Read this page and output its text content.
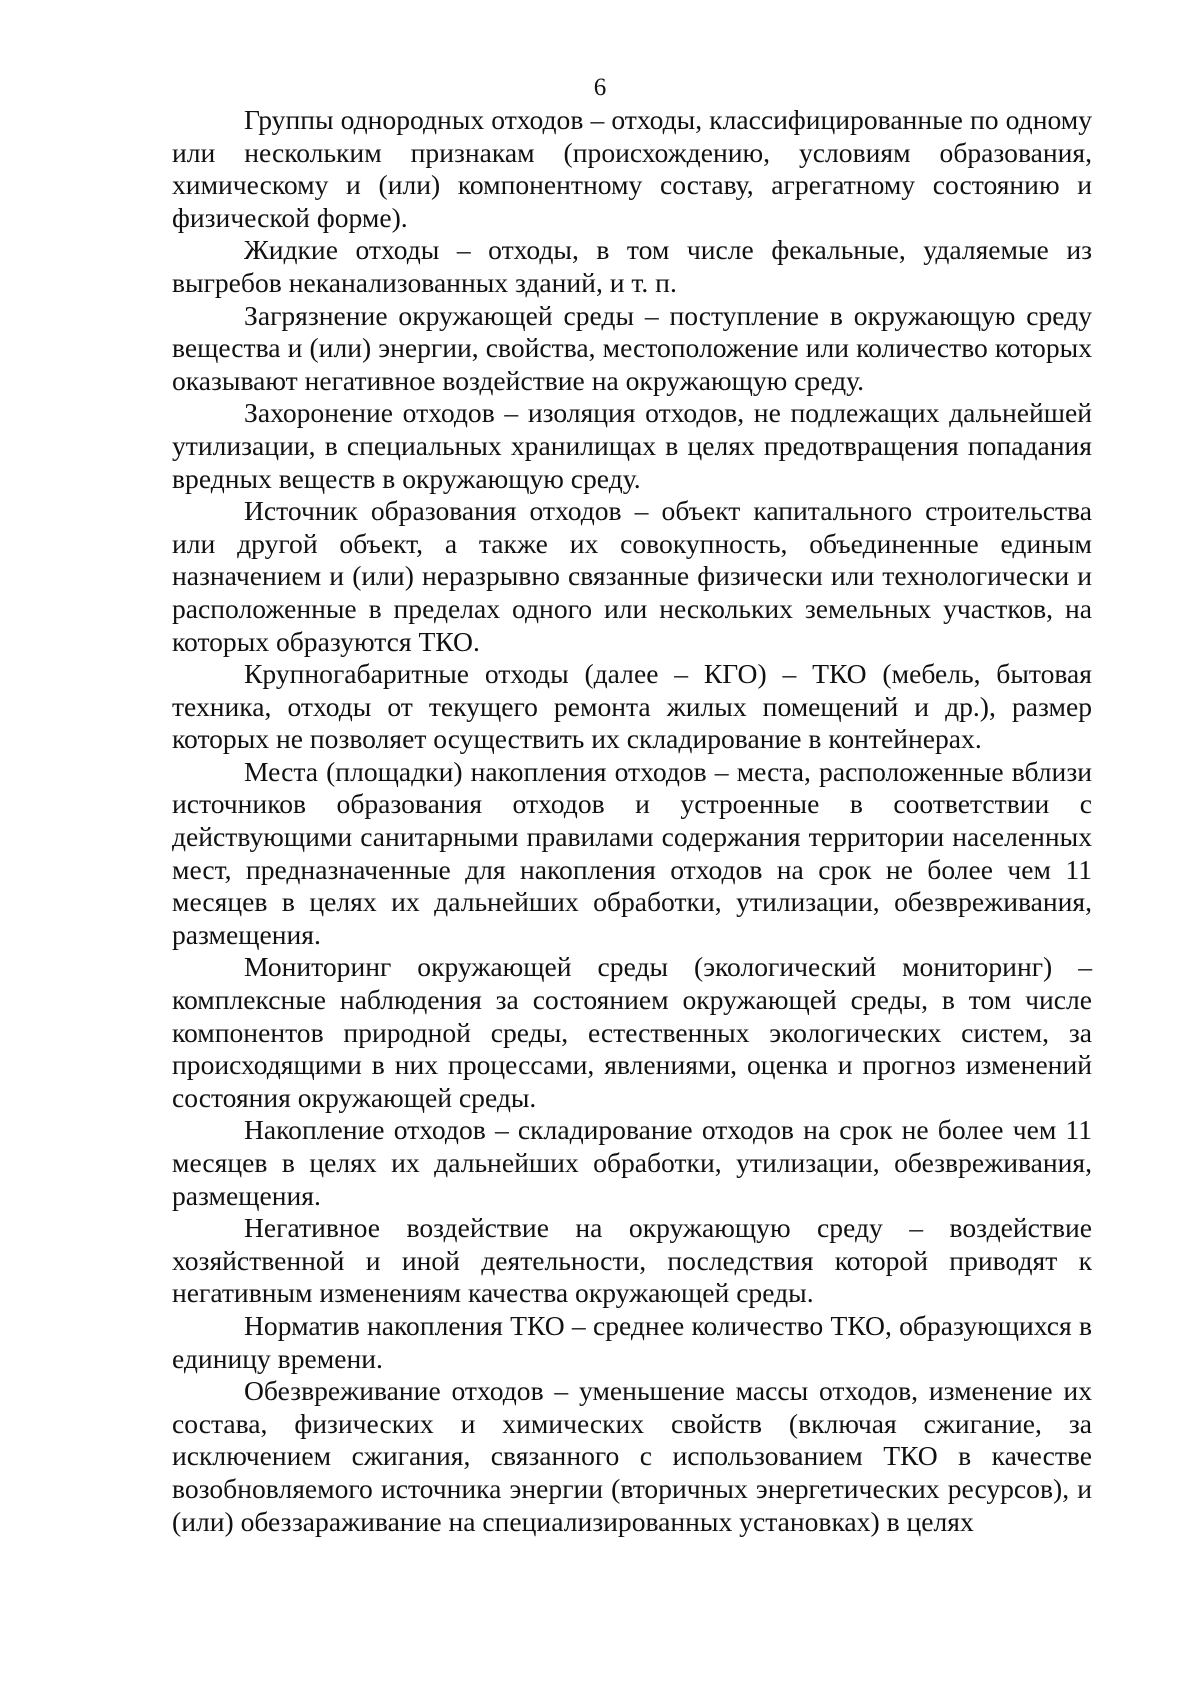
6

Группы однородных отходов – отходы, классифицированные по одному или нескольким признакам (происхождению, условиям образования, химическому и (или) компонентному составу, агрегатному состоянию и физической форме).

Жидкие отходы – отходы, в том числе фекальные, удаляемые из выгребов неканализованных зданий, и т. п.

Загрязнение окружающей среды – поступление в окружающую среду вещества и (или) энергии, свойства, местоположение или количество которых оказывают негативное воздействие на окружающую среду.

Захоронение отходов – изоляция отходов, не подлежащих дальнейшей утилизации, в специальных хранилищах в целях предотвращения попадания вредных веществ в окружающую среду.

Источник образования отходов – объект капитального строительства или другой объект, а также их совокупность, объединенные единым назначением и (или) неразрывно связанные физически или технологически и расположенные в пределах одного или нескольких земельных участков, на которых образуются ТКО.

Крупногабаритные отходы (далее – КГО) – ТКО (мебель, бытовая техника, отходы от текущего ремонта жилых помещений и др.), размер которых не позволяет осуществить их складирование в контейнерах.

Места (площадки) накопления отходов – места, расположенные вблизи источников образования отходов и устроенные в соответствии с действующими санитарными правилами содержания территории населенных мест, предназначенные для накопления отходов на срок не более чем 11 месяцев в целях их дальнейших обработки, утилизации, обезвреживания, размещения.

Мониторинг окружающей среды (экологический мониторинг) – комплексные наблюдения за состоянием окружающей среды, в том числе компонентов природной среды, естественных экологических систем, за происходящими в них процессами, явлениями, оценка и прогноз изменений состояния окружающей среды.

Накопление отходов – складирование отходов на срок не более чем 11 месяцев в целях их дальнейших обработки, утилизации, обезвреживания, размещения.

Негативное воздействие на окружающую среду – воздействие хозяйственной и иной деятельности, последствия которой приводят к негативным изменениям качества окружающей среды.

Норматив накопления ТКО – среднее количество ТКО, образующихся в единицу времени.

Обезвреживание отходов – уменьшение массы отходов, изменение их состава, физических и химических свойств (включая сжигание, за исключением сжигания, связанного с использованием ТКО в качестве возобновляемого источника энергии (вторичных энергетических ресурсов), и (или) обеззараживание на специализированных установках) в целях
